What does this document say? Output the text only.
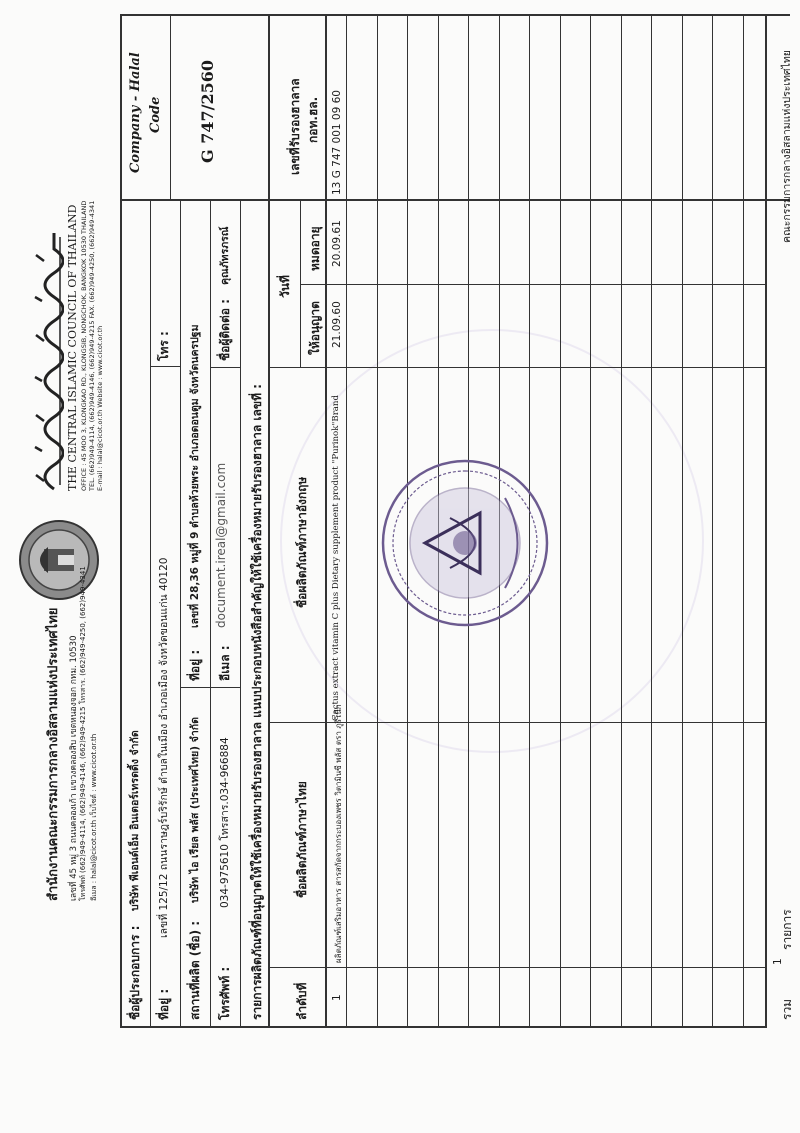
สำนักงานคณะกรรมการกลางอิสลามแห่งประเทศไทย เลขที่ 45 หมู่ 3 ถนนคลองเก้า แขวงคลองสิบ เขตหนองจอก กทม. 10530 โทรศัพท์ (662)949-4114, (662)949-4146, (662)949-4215 โทรสาร. (662)949-4250, (662)949-4341 อีเมล : halal@cicot.or.th เว็บไซต์ : www.cicot.or.th
THE CENTRAL ISLAMIC COUNCIL OF THAILAND OFFICE : 45 MOO 3, KLONGKAO RD., KLONGSIB, NONGCHOK, BANGKOK 10530 THAILAND TEL. (662)949-4114, (662)949-4146, (662)949-4215 FAX. (662)949-4250, (662)949-4341 E-mail : halal@cicot.or.th Website : www.cicot.or.th
ชื่อผู้ประกอบการ :
บริษัท พีเอนด์เอ็ม อินเตอร์เทรดดิ้ง จำกัด
ที่อยู่ :
เลขที่ 125/12 ถนนราษฎร์บริรักษ์ ตำบลในเมือง อำเภอเมือง จังหวัดขอนแก่น 40120
โทร :
สถานที่ผลิต (ชื่อ) :
บริษัท ไอ เรียล พลัส (ประเทศไทย) จำกัด
ที่อยู่ :
เลขที่ 28,36 หมู่ที่ 9 ตำบลห้วยพระ อำเภอดอนตูม จังหวัดนครปฐม
โทรศัพท์ :
034-975610 โทรสาร.034-966884
อีเมล :
document.ireal@gmail.com
ชื่อผู้ติดต่อ :
คุณภัทรภรณ์
Company - Halal Code G 747/2560
รายการผลิตภัณฑ์ที่อนุญาตให้ใช้เครื่องหมายรับรองฮาลาล แนบประกอบหนังสือสำคัญให้ใช้เครื่องหมายรับรองฮาลาล เลขที่ :	ลำดับที่
ชื่อผลิตภัณฑ์ภาษาไทย
ชื่อผลิตภัณฑ์ภาษาอังกฤษ
วันที่
ให้อนุญาต
หมดอายุ
เลขที่รับรองฮาลาล กอท.ฮล.
1
ผลิตภัณฑ์เสริมอาหาร สารสกัดจากกระบองเพชร วิตามินซี พลัส ตรา ภูริโน๊ก
Cactus extract vitamin C plus Dietary supplement product "Purinok"Brand
21.09.60
20.09.61
13 G 747 001 09 60
รวม
1
รายการ
คณะกรรมการกลางอิสลามแห่งประเทศไทย
